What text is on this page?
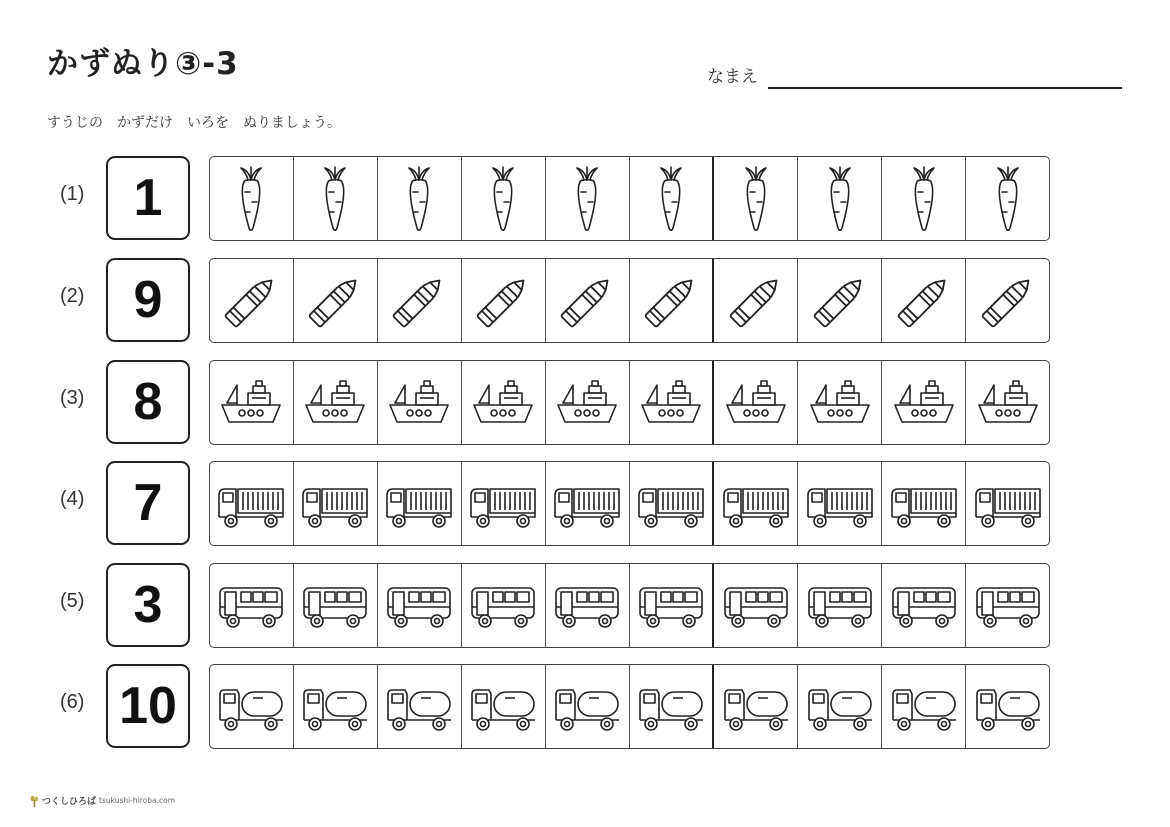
かずぬり③-3	なまえ
すうじの　かずだけ　いろを　ぬりましょう。
(1) 1
(2) 9
(3) 8
(4) 7
(5) 3
(6) 10
つくしひろば tsukushi-hiroba.com
